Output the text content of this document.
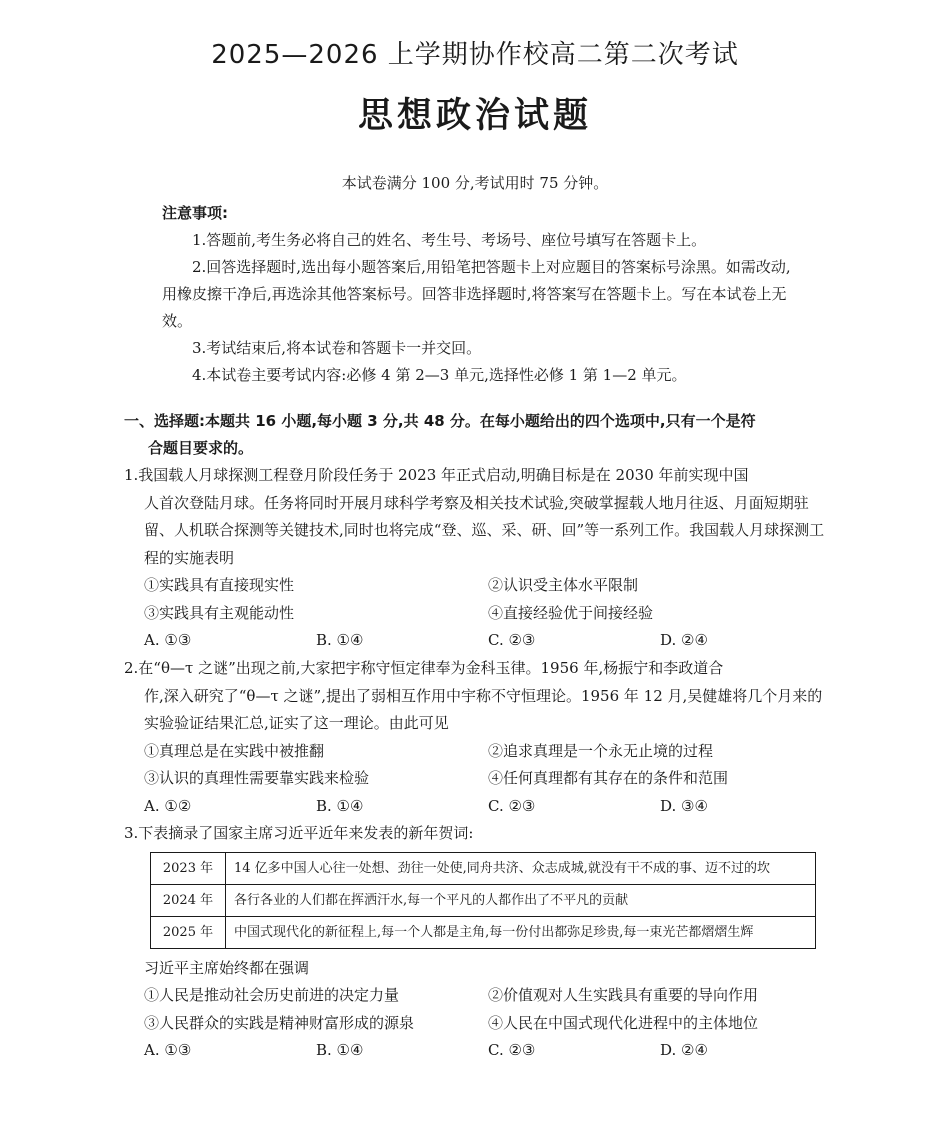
2025—2026 上学期协作校高二第二次考试
思想政治试题
本试卷满分 100 分,考试用时 75 分钟。
注意事项:
1.答题前,考生务必将自己的姓名、考生号、考场号、座位号填写在答题卡上。
2.回答选择题时,选出每小题答案后,用铅笔把答题卡上对应题目的答案标号涂黑。如需改动,用橡皮擦干净后,再选涂其他答案标号。回答非选择题时,将答案写在答题卡上。写在本试卷上无效。
3.考试结束后,将本试卷和答题卡一并交回。
4.本试卷主要考试内容:必修 4 第 2—3 单元,选择性必修 1 第 1—2 单元。
一、选择题:本题共 16 小题,每小题 3 分,共 48 分。在每小题给出的四个选项中,只有一个是符
合题目要求的。
1.我国载人月球探测工程登月阶段任务于 2023 年正式启动,明确目标是在 2030 年前实现中国
人首次登陆月球。任务将同时开展月球科学考察及相关技术试验,突破掌握载人地月往返、月面短期驻留、人机联合探测等关键技术,同时也将完成“登、巡、采、研、回”等一系列工作。我国载人月球探测工程的实施表明
①实践具有直接现实性	②认识受主体水平限制
③实践具有主观能动性	④直接经验优于间接经验
A. ①③	B. ①④	C. ②③	D. ②④
2.在“θ—τ 之谜”出现之前,大家把宇称守恒定律奉为金科玉律。1956 年,杨振宁和李政道合
作,深入研究了“θ—τ 之谜”,提出了弱相互作用中宇称不守恒理论。1956 年 12 月,吴健雄将几个月来的实验验证结果汇总,证实了这一理论。由此可见
①真理总是在实践中被推翻	②追求真理是一个永无止境的过程
③认识的真理性需要靠实践来检验	④任何真理都有其存在的条件和范围
A. ①②	B. ①④	C. ②③	D. ③④
3.下表摘录了国家主席习近平近年来发表的新年贺词:
2023 年	14 亿多中国人心往一处想、劲往一处使,同舟共济、众志成城,就没有干不成的事、迈不过的坎
2024 年	各行各业的人们都在挥洒汗水,每一个平凡的人都作出了不平凡的贡献
2025 年	中国式现代化的新征程上,每一个人都是主角,每一份付出都弥足珍贵,每一束光芒都熠熠生辉
习近平主席始终都在强调
①人民是推动社会历史前进的决定力量	②价值观对人生实践具有重要的导向作用
③人民群众的实践是精神财富形成的源泉	④人民在中国式现代化进程中的主体地位
A. ①③	B. ①④	C. ②③	D. ②④
